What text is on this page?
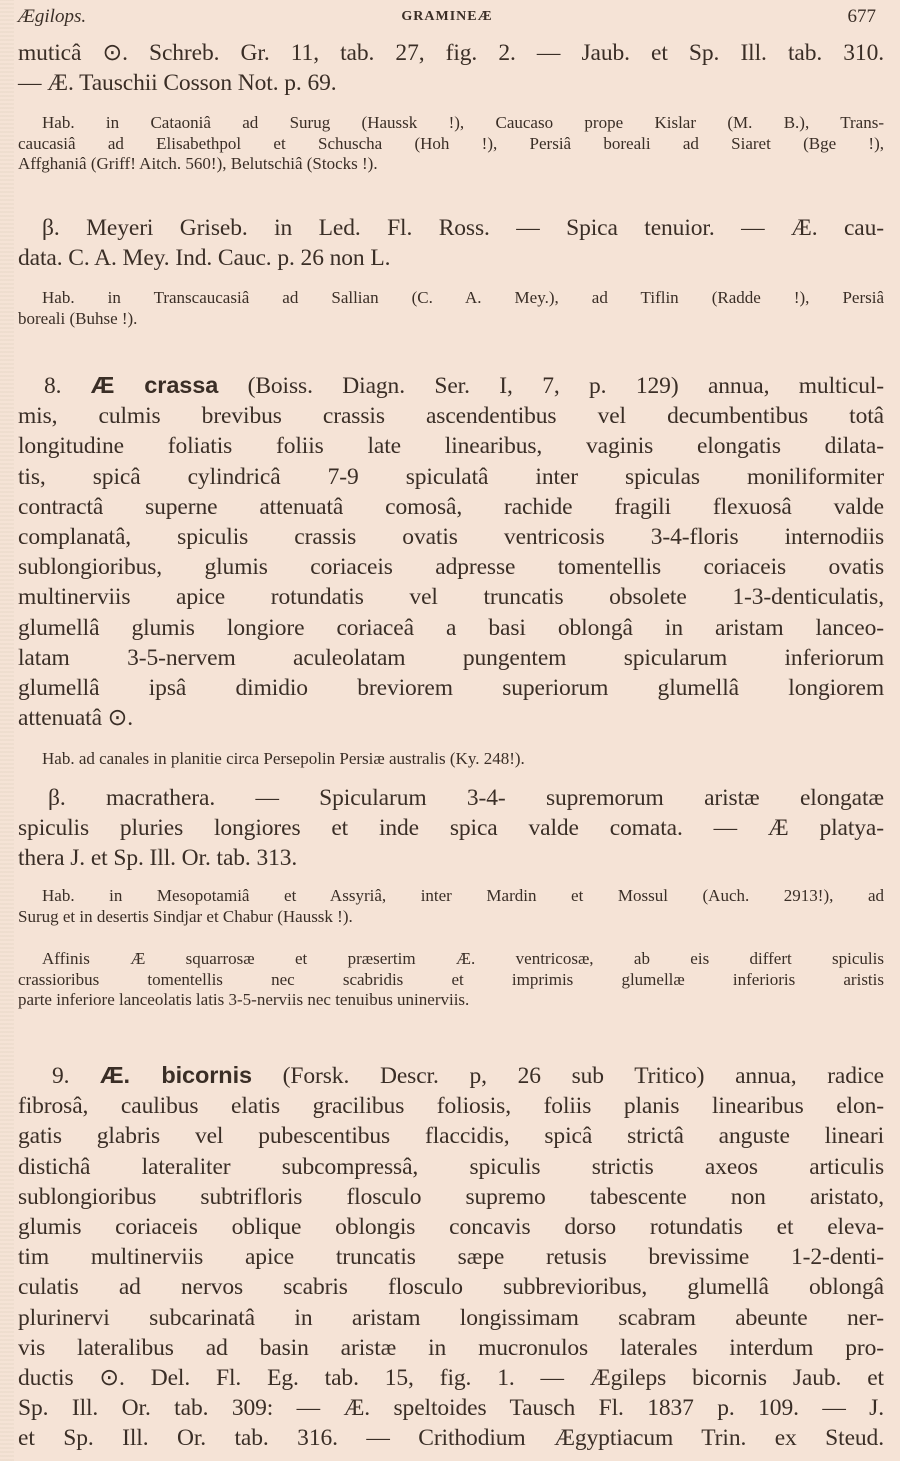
Ægilops.	GRAMINEÆ	677
muticâ ⊙. Schreb. Gr. 11, tab. 27, fig. 2. — Jaub. et Sp. Ill. tab. 310.
— Æ. Tauschii Cosson Not. p. 69.
Hab. in Cataoniâ ad Surug (Haussk !), Caucaso prope Kislar (M. B.), Trans-
caucasiâ ad Elisabethpol et Schuscha (Hoh !), Persiâ boreali ad Siaret (Bge !),
Affghaniâ (Griff! Aitch. 560!), Belutschiâ (Stocks !).
β. Meyeri Griseb. in Led. Fl. Ross. — Spica tenuior. — Æ. cau-
data. C. A. Mey. Ind. Cauc. p. 26 non L.
Hab. in Transcaucasiâ ad Sallian (C. A. Mey.), ad Tiflin (Radde !), Persiâ
boreali (Buhse !).
8. Æ crassa (Boiss. Diagn. Ser. I, 7, p. 129) annua, multicul-
mis, culmis brevibus crassis ascendentibus vel decumbentibus totâ
longitudine foliatis foliis late linearibus, vaginis elongatis dilata-
tis, spicâ cylindricâ 7-9 spiculatâ inter spiculas moniliformiter
contractâ superne attenuatâ comosâ, rachide fragili flexuosâ valde
complanatâ, spiculis crassis ovatis ventricosis 3-4-floris internodiis
sublongioribus, glumis coriaceis adpresse tomentellis coriaceis ovatis
multinerviis apice rotundatis vel truncatis obsolete 1-3-denticulatis,
glumellâ glumis longiore coriaceâ a basi oblongâ in aristam lanceo-
latam 3-5-nervem aculeolatam pungentem spicularum inferiorum
glumellâ ipsâ dimidio breviorem superiorum glumellâ longiorem
attenuatâ ⊙.
Hab. ad canales in planitie circa Persepolin Persiæ australis (Ky. 248!).
β. macrathera. — Spicularum 3-4- supremorum aristæ elongatæ
spiculis pluries longiores et inde spica valde comata. — Æ platya-
thera J. et Sp. Ill. Or. tab. 313.
Hab. in Mesopotamiâ et Assyriâ, inter Mardin et Mossul (Auch. 2913!), ad
Surug et in desertis Sindjar et Chabur (Haussk !).
Affinis Æ squarrosæ et præsertim Æ. ventricosæ, ab eis differt spiculis
crassioribus tomentellis nec scabridis et imprimis glumellæ inferioris aristis
parte inferiore lanceolatis latis 3-5-nerviis nec tenuibus uninerviis.
9. Æ. bicornis (Forsk. Descr. p, 26 sub Tritico) annua, radice
fibrosâ, caulibus elatis gracilibus foliosis, foliis planis linearibus elon-
gatis glabris vel pubescentibus flaccidis, spicâ strictâ anguste lineari
distichâ lateraliter subcompressâ, spiculis strictis axeos articulis
sublongioribus subtrifloris flosculo supremo tabescente non aristato,
glumis coriaceis oblique oblongis concavis dorso rotundatis et eleva-
tim multinerviis apice truncatis sæpe retusis brevissime 1-2-denti-
culatis ad nervos scabris flosculo subbrevioribus, glumellâ oblongâ
plurinervi subcarinatâ in aristam longissimam scabram abeunte ner-
vis lateralibus ad basin aristæ in mucronulos laterales interdum pro-
ductis ⊙. Del. Fl. Eg. tab. 15, fig. 1. — Ægileps bicornis Jaub. et
Sp. Ill. Or. tab. 309: — Æ. speltoides Tausch Fl. 1837 p. 109. — J.
et Sp. Ill. Or. tab. 316. — Crithodium Ægyptiacum Trin. ex Steud.
